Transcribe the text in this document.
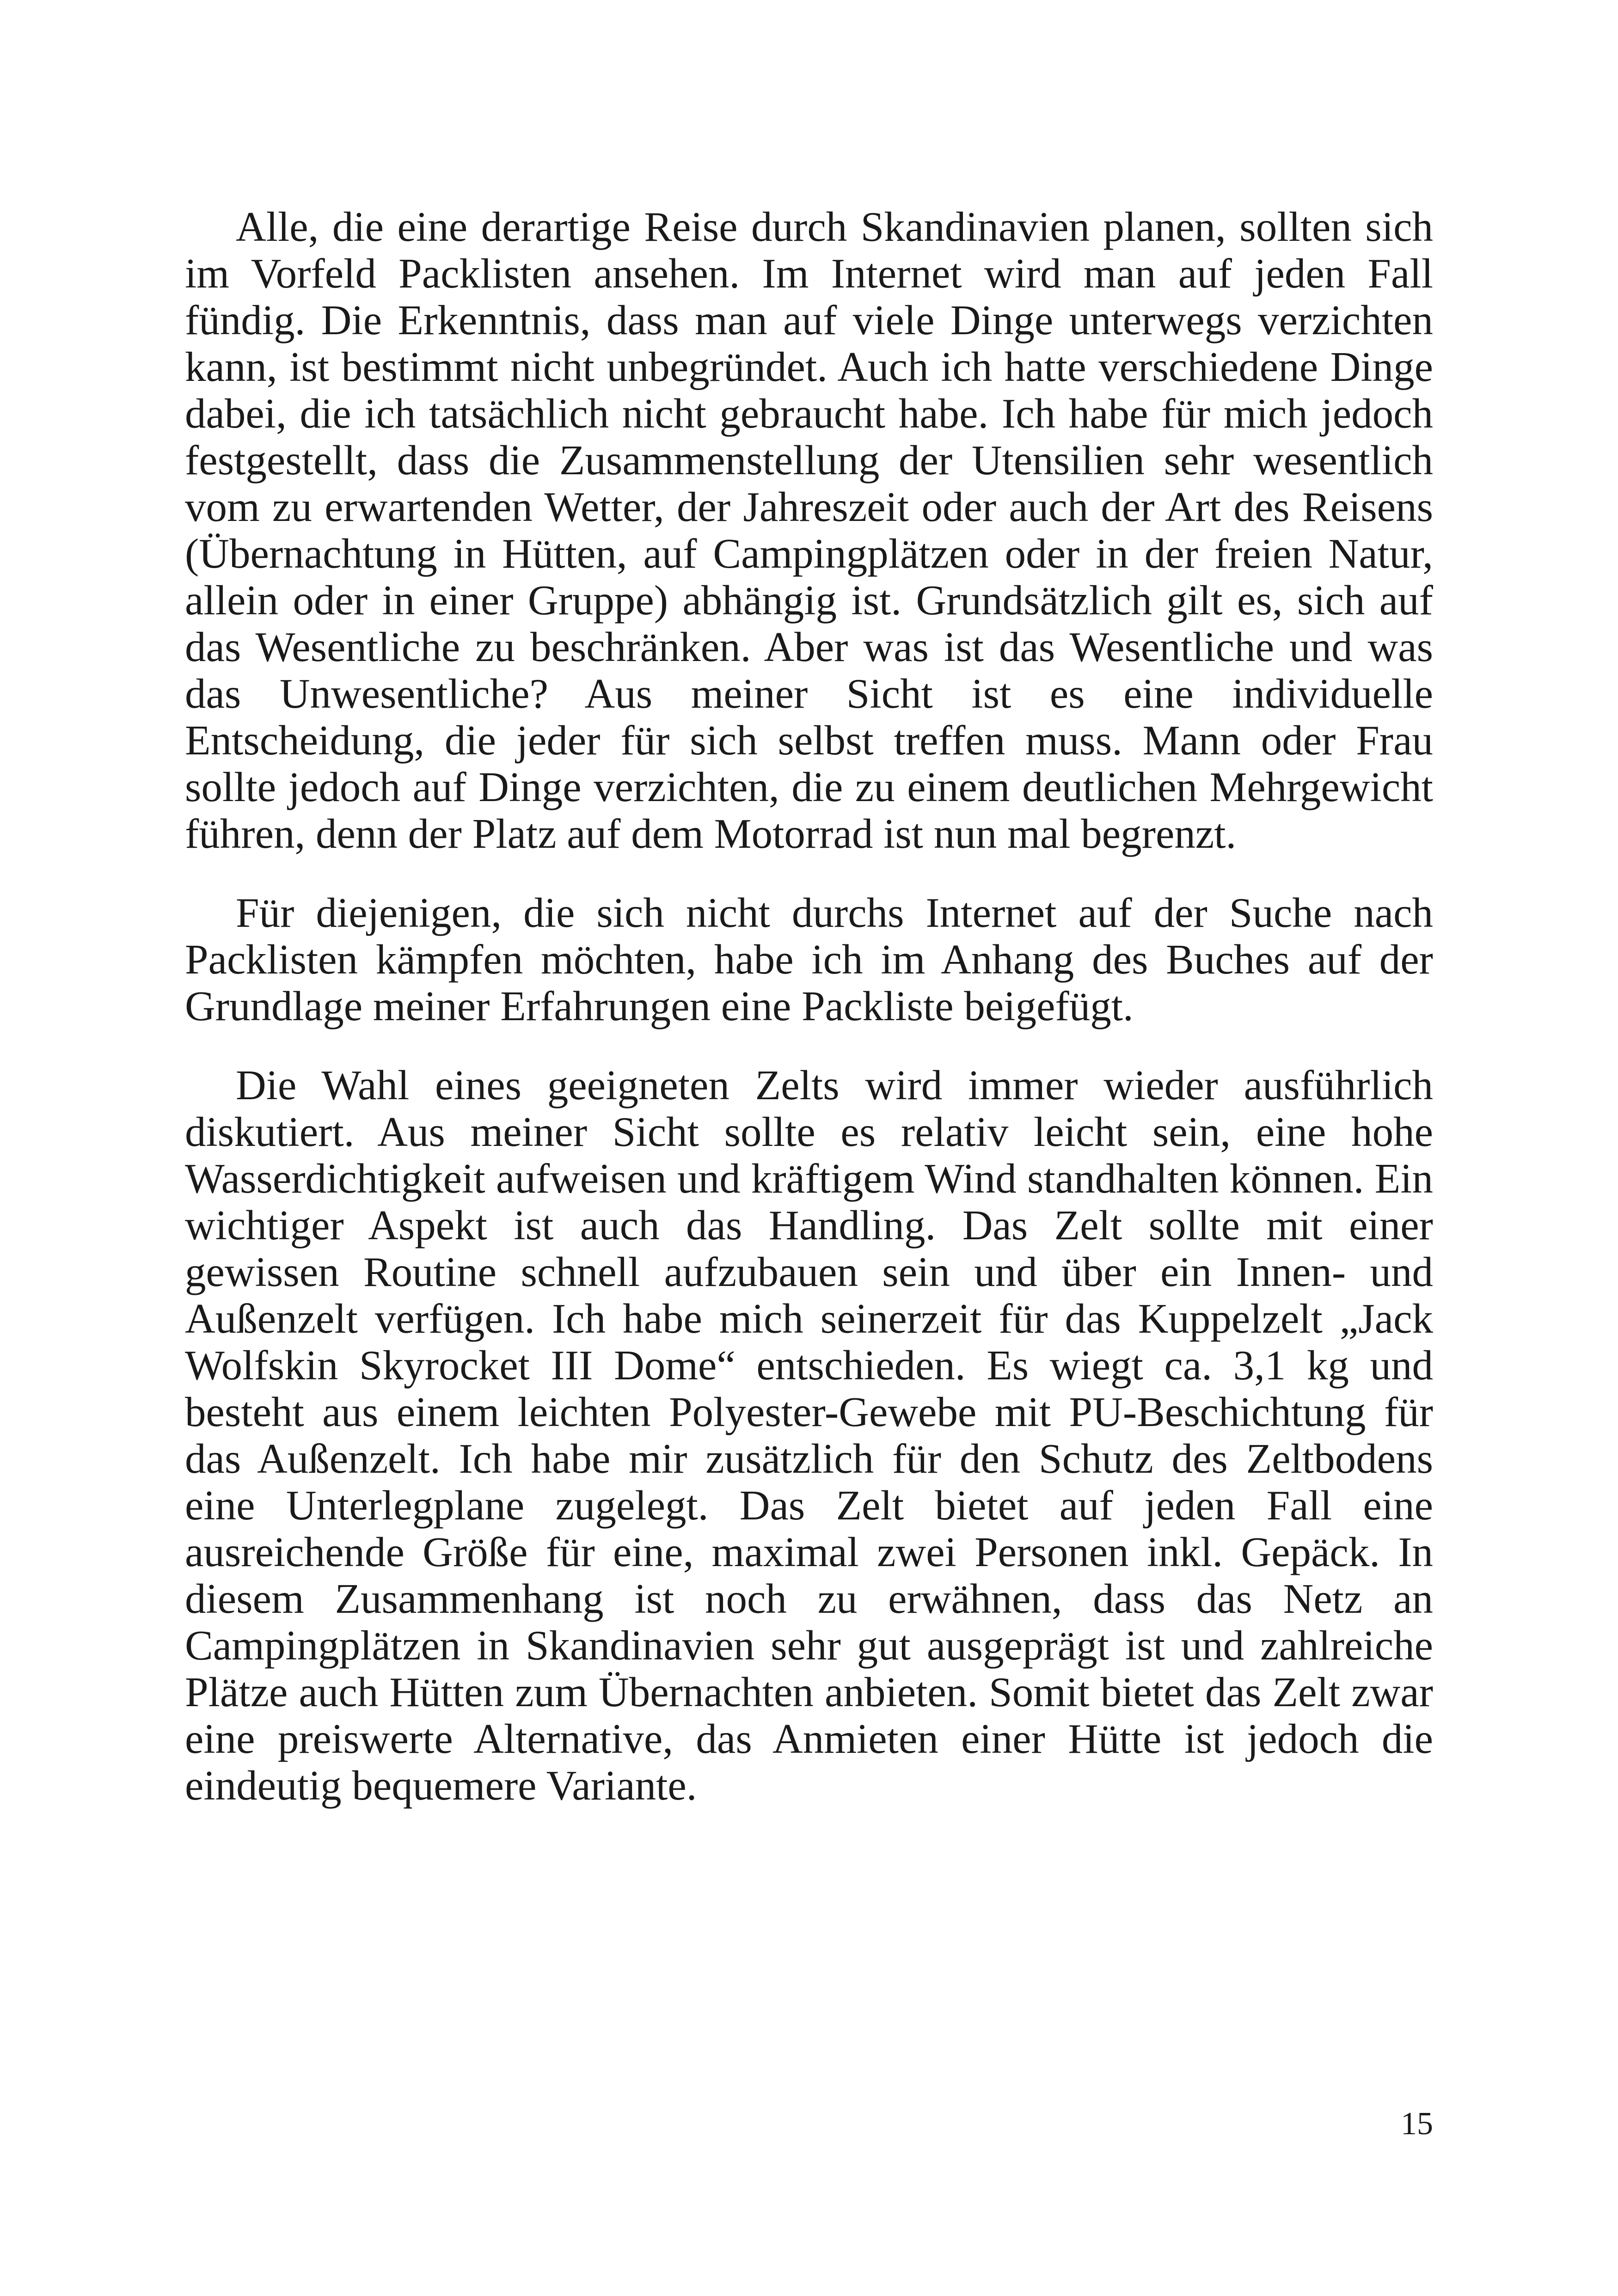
Alle, die eine derartige Reise durch Skandinavien planen, sollten sich im Vorfeld Packlisten ansehen. Im Internet wird man auf jeden Fall fündig. Die Erkenntnis, dass man auf viele Dinge unterwegs verzichten kann, ist bestimmt nicht unbegründet. Auch ich hatte verschiedene Dinge dabei, die ich tatsächlich nicht gebraucht habe. Ich habe für mich jedoch festgestellt, dass die Zusammenstellung der Utensilien sehr wesentlich vom zu erwartenden Wetter, der Jahreszeit oder auch der Art des Reisens (Übernachtung in Hütten, auf Campingplätzen oder in der freien Natur, allein oder in einer Gruppe) abhängig ist. Grundsätzlich gilt es, sich auf das Wesentliche zu beschränken. Aber was ist das Wesentliche und was das Unwesentliche? Aus meiner Sicht ist es eine individuelle Entscheidung, die jeder für sich selbst treffen muss. Mann oder Frau sollte jedoch auf Dinge verzichten, die zu einem deutlichen Mehrgewicht führen, denn der Platz auf dem Motorrad ist nun mal begrenzt.

Für diejenigen, die sich nicht durchs Internet auf der Suche nach Packlisten kämpfen möchten, habe ich im Anhang des Buches auf der Grundlage meiner Erfahrungen eine Packliste beigefügt.

Die Wahl eines geeigneten Zelts wird immer wieder ausführlich diskutiert. Aus meiner Sicht sollte es relativ leicht sein, eine hohe Wasserdichtigkeit aufweisen und kräftigem Wind standhalten können. Ein wichtiger Aspekt ist auch das Handling. Das Zelt sollte mit einer gewissen Routine schnell aufzubauen sein und über ein Innen- und Außenzelt verfügen. Ich habe mich seinerzeit für das Kuppelzelt „Jack Wolfskin Skyrocket III Dome“ entschieden. Es wiegt ca. 3,1 kg und besteht aus einem leichten Polyester-Gewebe mit PU-Beschichtung für das Außenzelt. Ich habe mir zusätzlich für den Schutz des Zeltbodens eine Unterlegplane zugelegt. Das Zelt bietet auf jeden Fall eine ausreichende Größe für eine, maximal zwei Personen inkl. Gepäck. In diesem Zusammenhang ist noch zu erwähnen, dass das Netz an Campingplätzen in Skandinavien sehr gut ausgeprägt ist und zahlreiche Plätze auch Hütten zum Übernachten anbieten. Somit bietet das Zelt zwar eine preiswerte Alternative, das Anmieten einer Hütte ist jedoch die eindeutig bequemere Variante.

15
